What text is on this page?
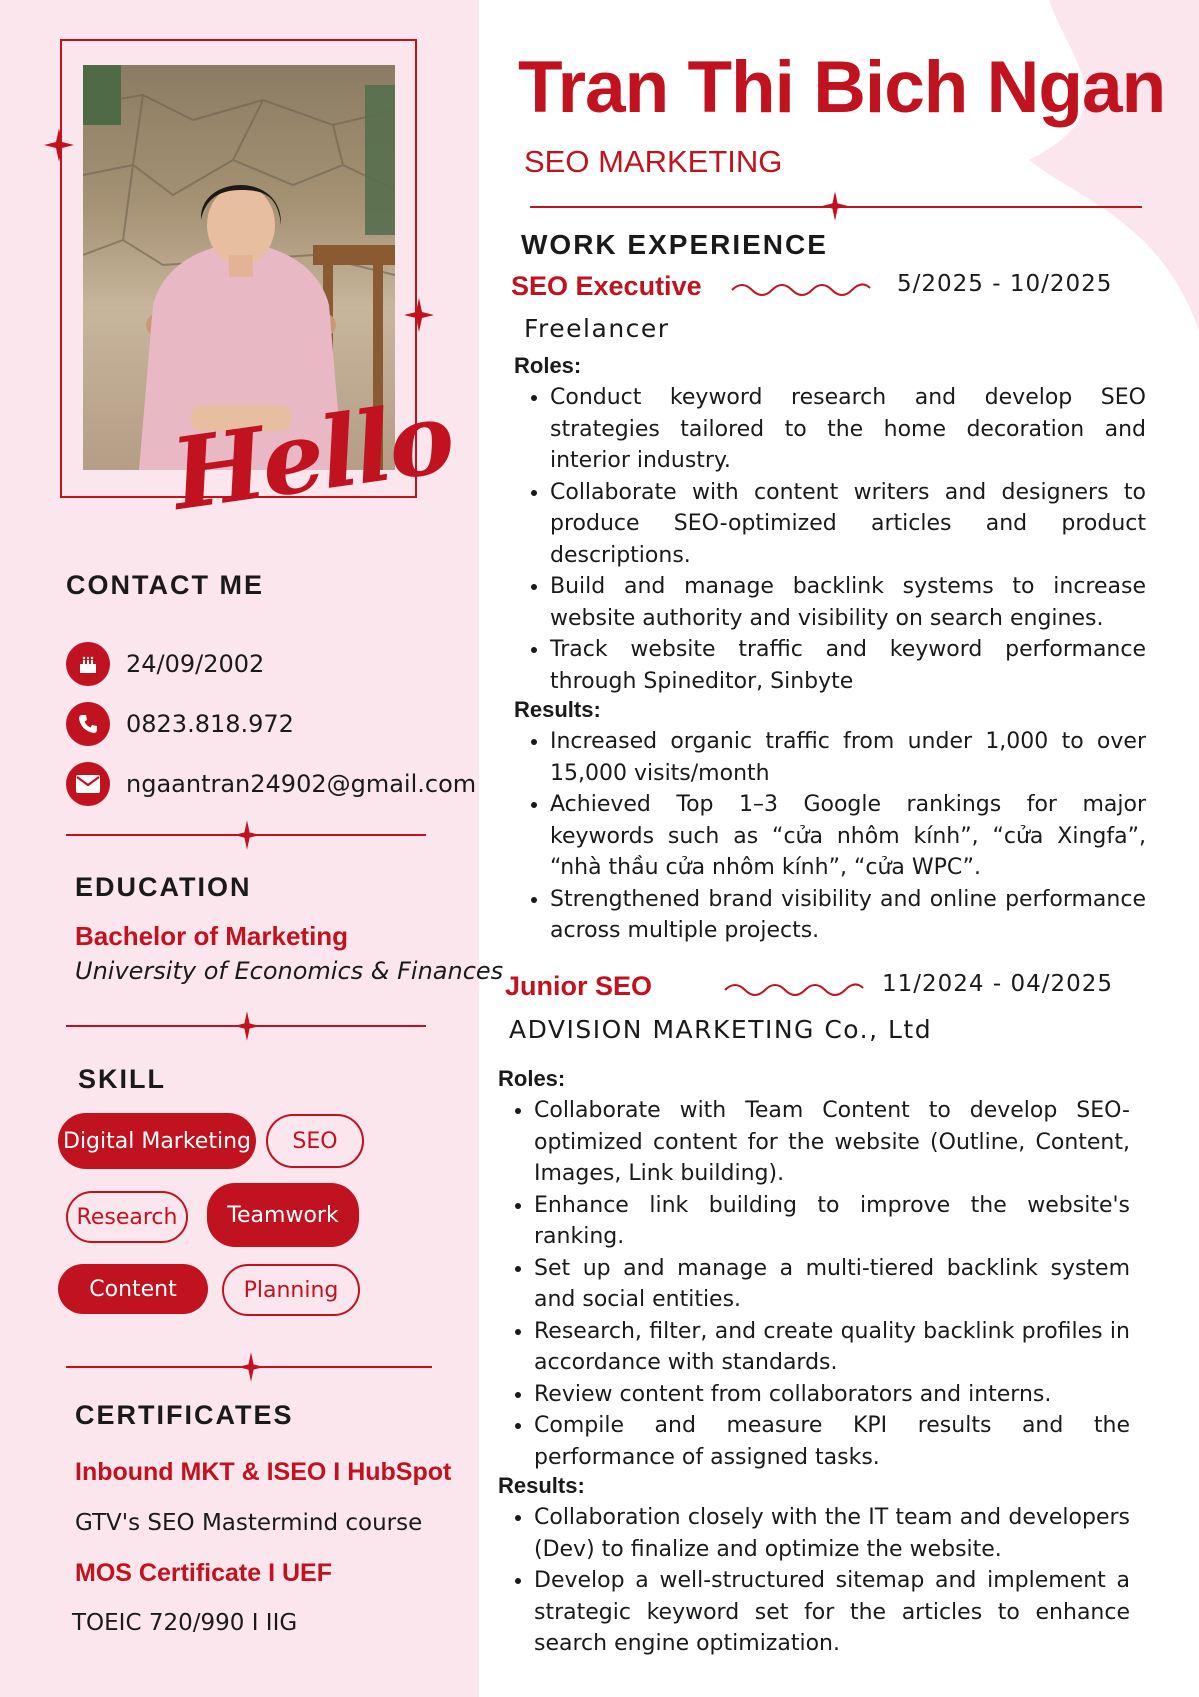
Hello
CONTACT ME
24/09/2002
0823.818.972
ngaantran24902@gmail.com
EDUCATION
Bachelor of Marketing
University of Economics & Finances
SKILL
Digital Marketing	SEO
Research	Teamwork
Content	Planning
CERTIFICATES
Inbound MKT & ISEO I HubSpot
GTV's SEO Mastermind course
MOS Certificate I UEF
TOEIC 720/990 I IIG
Tran Thi Bich Ngan
SEO MARKETING
WORK EXPERIENCE
SEO Executive	5/2025 - 10/2025
Freelancer
Roles:
• Conduct keyword research and develop SEO strategies tailored to the home decoration and interior industry.
• Collaborate with content writers and designers to produce SEO-optimized articles and product descriptions.
• Build and manage backlink systems to increase website authority and visibility on search engines.
• Track website traffic and keyword performance through Spineditor, Sinbyte
Results:
• Increased organic traffic from under 1,000 to over 15,000 visits/month
• Achieved Top 1–3 Google rankings for major keywords such as “cửa nhôm kính”, “cửa Xingfa”, “nhà thầu cửa nhôm kính”, “cửa WPC”.
• Strengthened brand visibility and online performance across multiple projects.
Junior SEO	11/2024 - 04/2025
ADVISION MARKETING Co., Ltd
Roles:
• Collaborate with Team Content to develop SEO-optimized content for the website (Outline, Content, Images, Link building).
• Enhance link building to improve the website's ranking.
• Set up and manage a multi-tiered backlink system and social entities.
• Research, filter, and create quality backlink profiles in accordance with standards.
• Review content from collaborators and interns.
• Compile and measure KPI results and the performance of assigned tasks.
Results:
• Collaboration closely with the IT team and developers (Dev) to finalize and optimize the website.
• Develop a well-structured sitemap and implement a strategic keyword set for the articles to enhance search engine optimization.
